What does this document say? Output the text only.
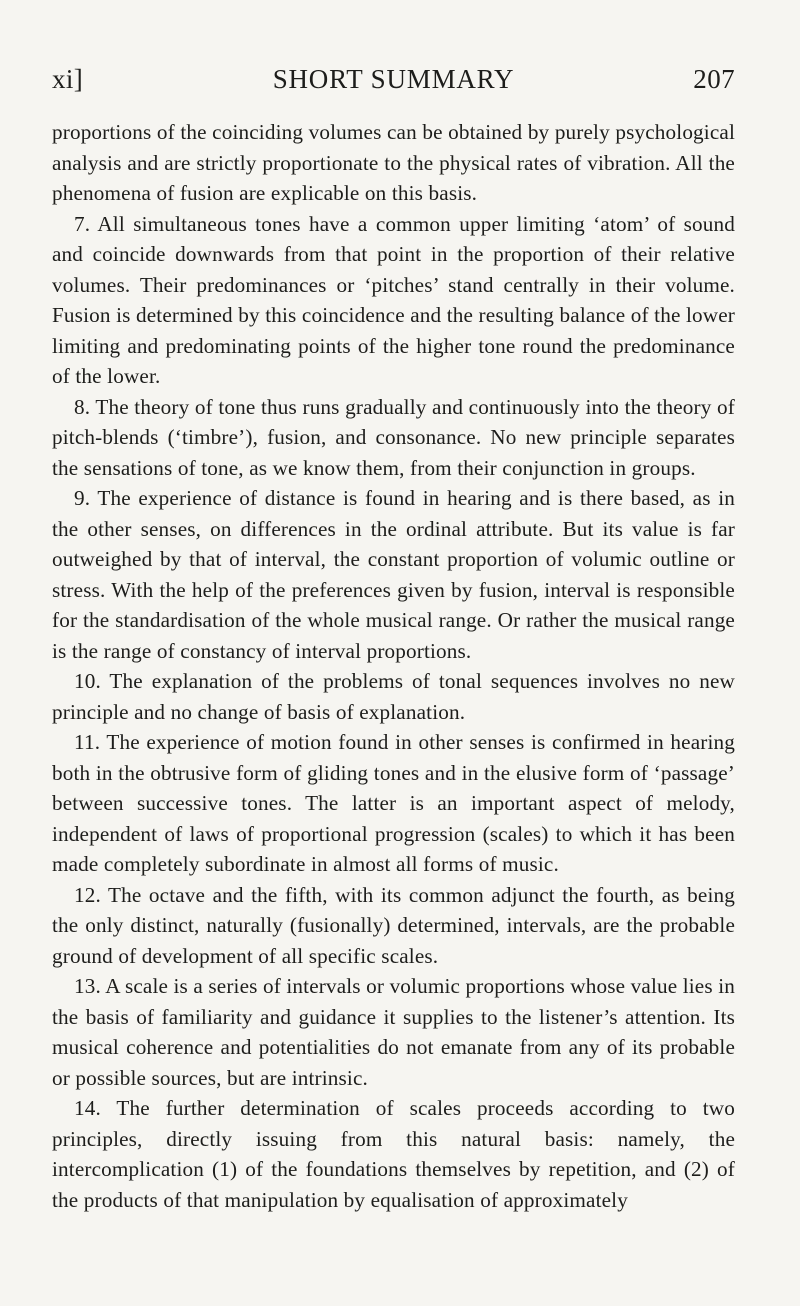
xi]	SHORT SUMMARY	207

proportions of the coinciding volumes can be obtained by purely psychological analysis and are strictly proportionate to the physical rates of vibration. All the phenomena of fusion are explicable on this basis.

7. All simultaneous tones have a common upper limiting ‘atom’ of sound and coincide downwards from that point in the proportion of their relative volumes. Their predominances or ‘pitches’ stand centrally in their volume. Fusion is determined by this coincidence and the resulting balance of the lower limiting and predominating points of the higher tone round the predominance of the lower.

8. The theory of tone thus runs gradually and continuously into the theory of pitch-blends (‘timbre’), fusion, and consonance. No new principle separates the sensations of tone, as we know them, from their conjunction in groups.

9. The experience of distance is found in hearing and is there based, as in the other senses, on differences in the ordinal attribute. But its value is far outweighed by that of interval, the constant proportion of volumic outline or stress. With the help of the preferences given by fusion, interval is responsible for the standardisation of the whole musical range. Or rather the musical range is the range of constancy of interval proportions.

10. The explanation of the problems of tonal sequences involves no new principle and no change of basis of explanation.

11. The experience of motion found in other senses is confirmed in hearing both in the obtrusive form of gliding tones and in the elusive form of ‘passage’ between successive tones. The latter is an important aspect of melody, independent of laws of proportional progression (scales) to which it has been made completely subordinate in almost all forms of music.

12. The octave and the fifth, with its common adjunct the fourth, as being the only distinct, naturally (fusionally) determined, intervals, are the probable ground of development of all specific scales.

13. A scale is a series of intervals or volumic proportions whose value lies in the basis of familiarity and guidance it supplies to the listener’s attention. Its musical coherence and potentialities do not emanate from any of its probable or possible sources, but are intrinsic.

14. The further determination of scales proceeds according to two principles, directly issuing from this natural basis: namely, the intercomplication (1) of the foundations themselves by repetition, and (2) of the products of that manipulation by equalisation of approximately
